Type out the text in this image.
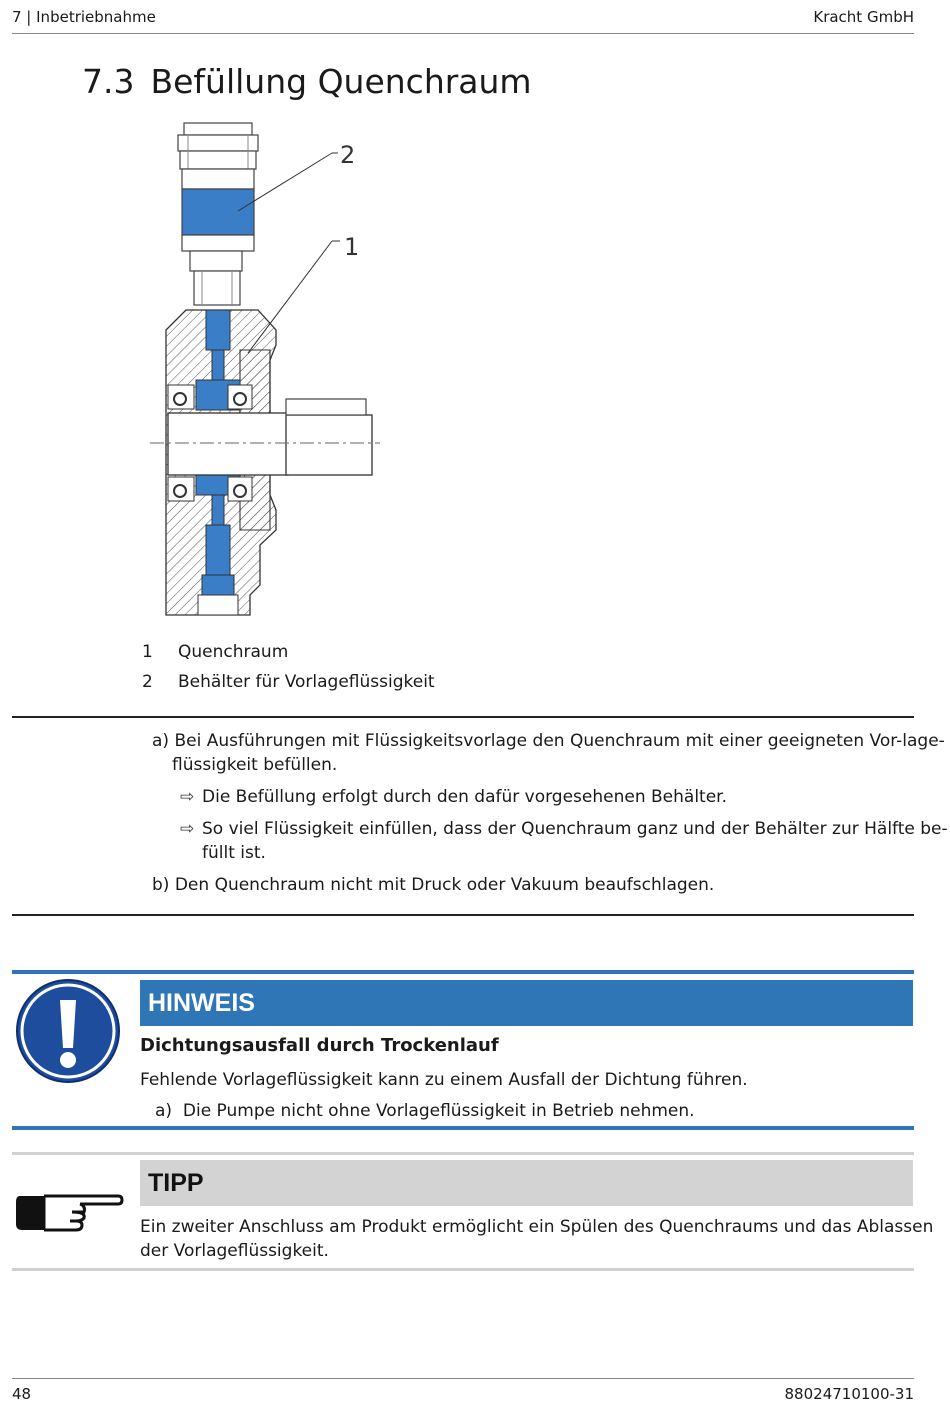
7 | Inbetriebnahme	Kracht GmbH
7.3 Befüllung Quenchraum
2
1
1 Quenchraum
2 Behälter für Vorlageflüssigkeit
a) Bei Ausführungen mit Flüssigkeitsvorlage den Quenchraum mit einer geeigneten Vor-lage-
flüssigkeit befüllen.
⇨ Die Befüllung erfolgt durch den dafür vorgesehenen Behälter.
⇨ So viel Flüssigkeit einfüllen, dass der Quenchraum ganz und der Behälter zur Hälfte be-
füllt ist.
b) Den Quenchraum nicht mit Druck oder Vakuum beaufschlagen.
HINWEIS
Dichtungsausfall durch Trockenlauf
Fehlende Vorlageflüssigkeit kann zu einem Ausfall der Dichtung führen.
a) Die Pumpe nicht ohne Vorlageflüssigkeit in Betrieb nehmen.
TIPP
Ein zweiter Anschluss am Produkt ermöglicht ein Spülen des Quenchraums und das Ablassen
der Vorlageflüssigkeit.
48	88024710100-31
